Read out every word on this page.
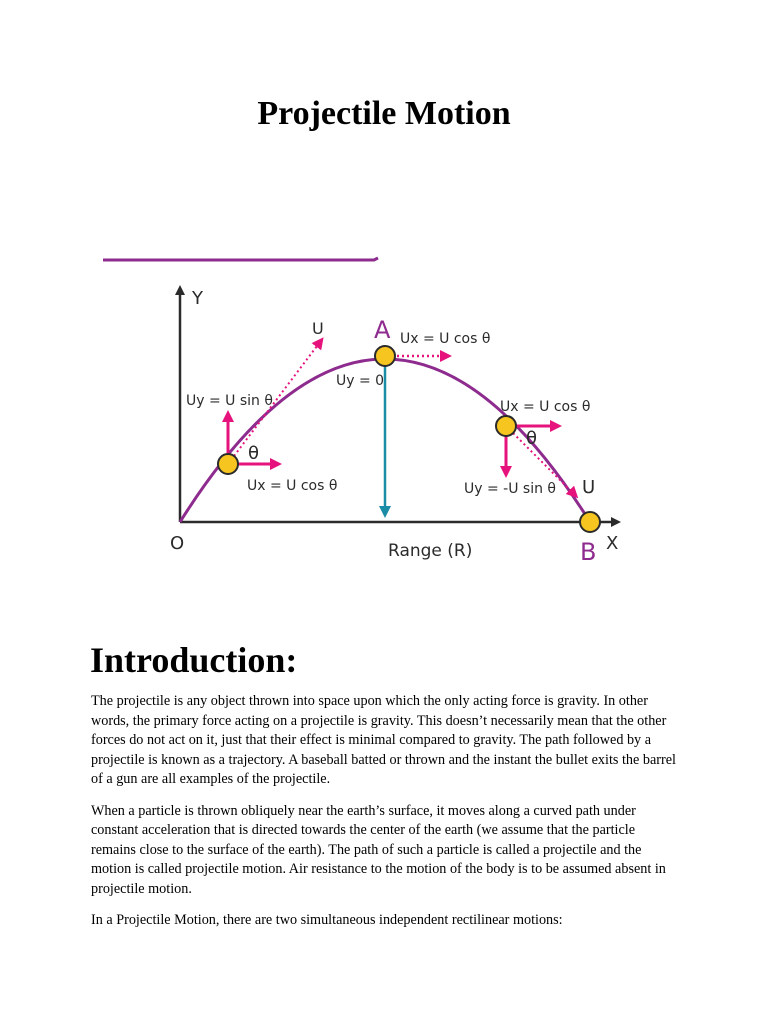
Projectile Motion
Y
X
O	Range (R)
A
B
U
U
Uy = U sin θ
Ux = U cos θ
θ
Uy = 0
Ux = U cos θ
Ux = U cos θ
θ
Uy = -U sin θ
Introduction:

The projectile is any object thrown into space upon which the only acting force is gravity. In other words, the primary force acting on a projectile is gravity. This doesn’t necessarily mean that the other forces do not act on it, just that their effect is minimal compared to gravity. The path followed by a projectile is known as a trajectory. A baseball batted or thrown and the instant the bullet exits the barrel of a gun are all examples of the projectile.

When a particle is thrown obliquely near the earth’s surface, it moves along a curved path under constant acceleration that is directed towards the center of the earth (we assume that the particle remains close to the surface of the earth). The path of such a particle is called a projectile and the motion is called projectile motion. Air resistance to the motion of the body is to be assumed absent in projectile motion.

In a Projectile Motion, there are two simultaneous independent rectilinear motions:
